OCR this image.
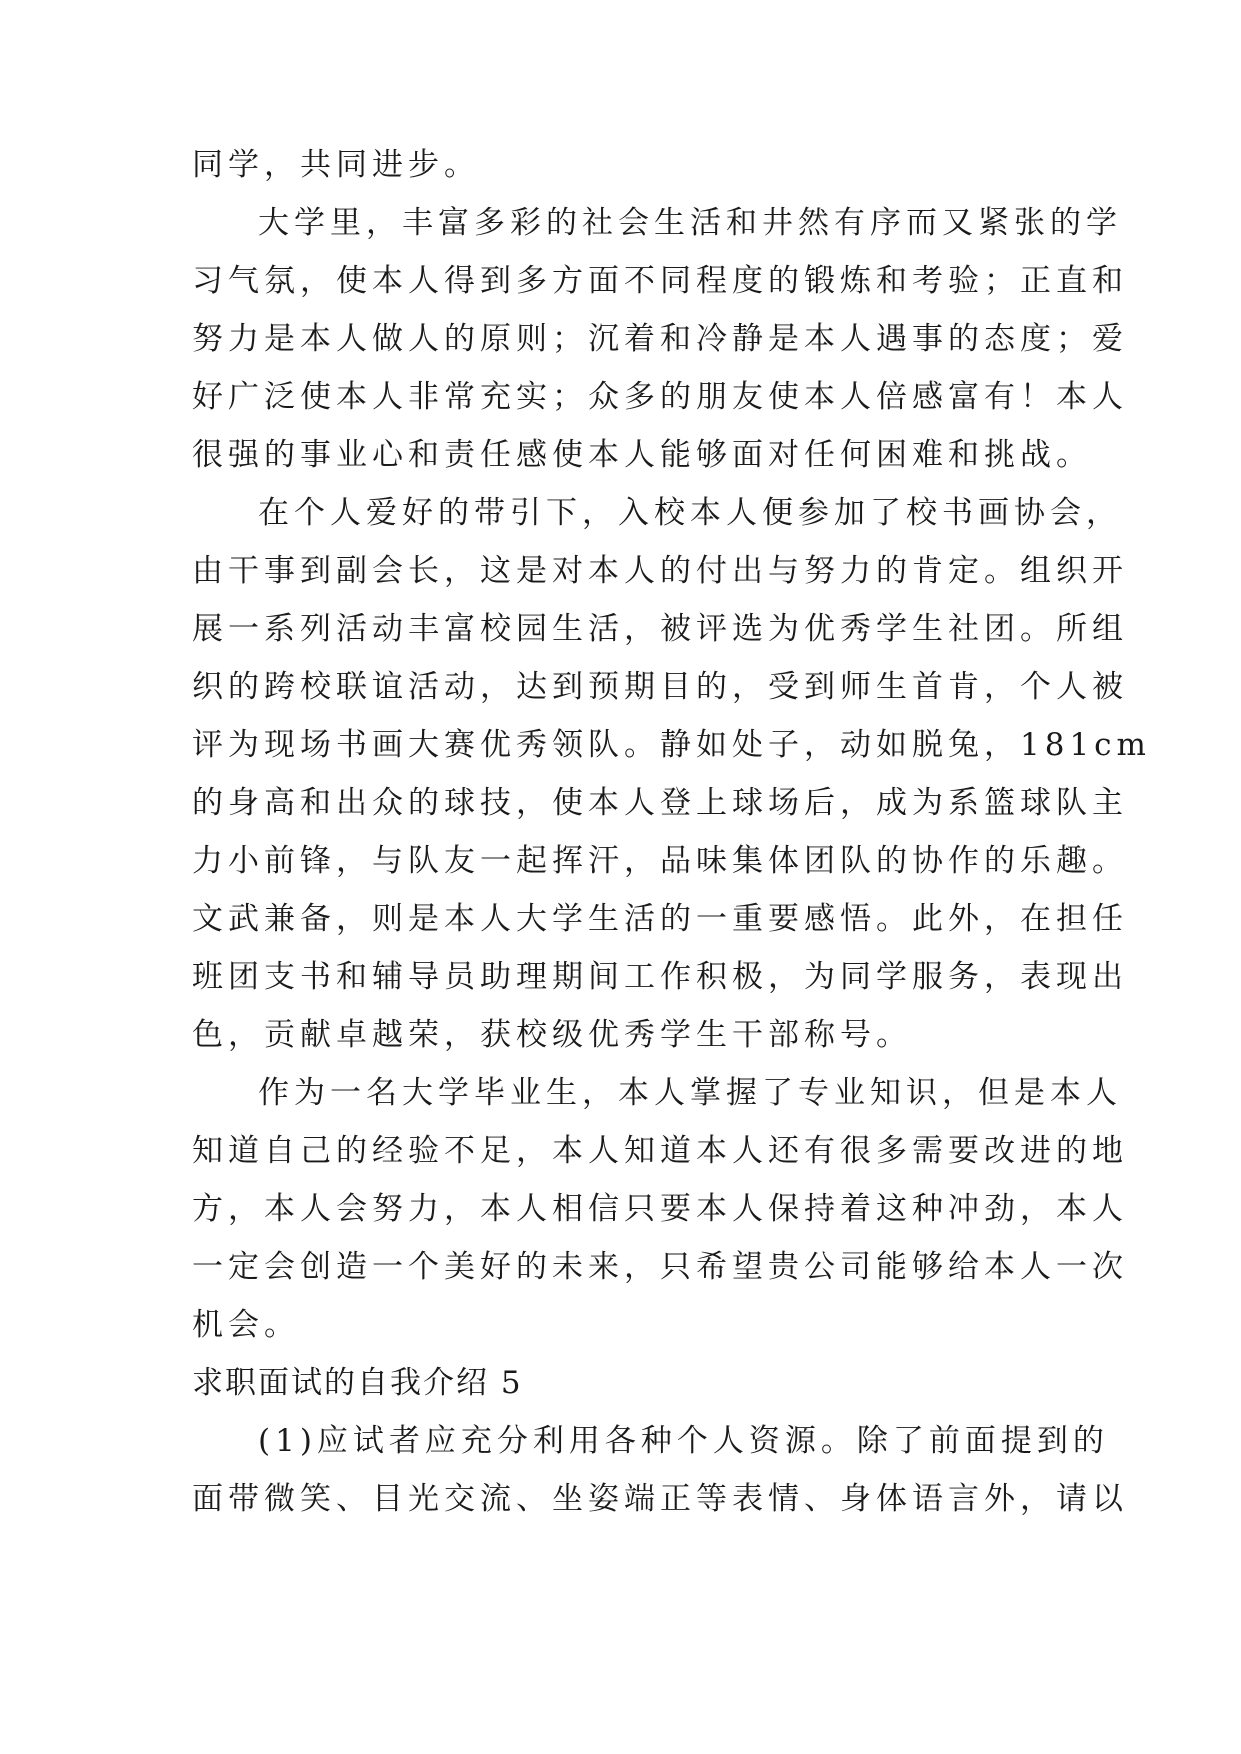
同学，共同进步。
大学里，丰富多彩的社会生活和井然有序而又紧张的学
习气氛，使本人得到多方面不同程度的锻炼和考验；正直和
努力是本人做人的原则；沉着和冷静是本人遇事的态度；爱
好广泛使本人非常充实；众多的朋友使本人倍感富有！本人
很强的事业心和责任感使本人能够面对任何困难和挑战。
在个人爱好的带引下，入校本人便参加了校书画协会，
由干事到副会长，这是对本人的付出与努力的肯定。组织开
展一系列活动丰富校园生活，被评选为优秀学生社团。所组
织的跨校联谊活动，达到预期目的，受到师生首肯，个人被
评为现场书画大赛优秀领队。静如处子，动如脱兔，181cm
的身高和出众的球技，使本人登上球场后，成为系篮球队主
力小前锋，与队友一起挥汗，品味集体团队的协作的乐趣。
文武兼备，则是本人大学生活的一重要感悟。此外，在担任
班团支书和辅导员助理期间工作积极，为同学服务，表现出
色，贡献卓越荣，获校级优秀学生干部称号。
作为一名大学毕业生，本人掌握了专业知识，但是本人
知道自己的经验不足，本人知道本人还有很多需要改进的地
方，本人会努力，本人相信只要本人保持着这种冲劲，本人
一定会创造一个美好的未来，只希望贵公司能够给本人一次
机会。
求职面试的自我介绍 5
(1)应试者应充分利用各种个人资源。除了前面提到的
面带微笑、目光交流、坐姿端正等表情、身体语言外，请以
